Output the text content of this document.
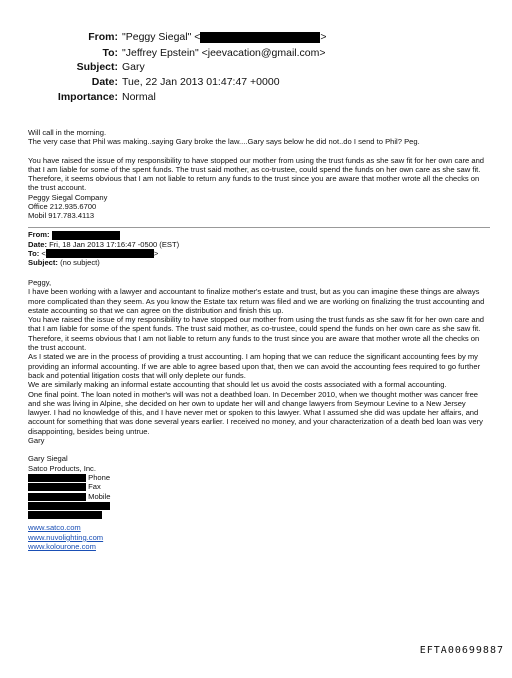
From: "Peggy Siegal" <	>
To: "Jeffrey Epstein" <jeevacation@gmail.com>
Subject: Gary
Date: Tue, 22 Jan 2013 01:47:47 +0000
Importance: Normal

Will call in the morning.

The very case that Phil was making..saying Gary broke the law....Gary says below he did not..do I send to Phil? Peg.

You have raised the issue of my responsibility to have stopped our mother from using the trust funds as she saw fit for her own care and that I am liable for some of the spent funds. The trust said mother, as co-trustee, could spend the funds on her own care as she saw fit. Therefore, it seems obvious that I am not liable to return any funds to the trust since you are aware that mother wrote all the checks on the trust account.

Peggy Siegal Company

Office 212.935.6700

Mobil 917.783.4113

From:
Date: Fri, 18 Jan 2013 17:16:47 -0500 (EST)
To: <	>
Subject: (no subject)

Peggy,

I have been working with a lawyer and accountant to finalize mother's estate and trust, but as you can imagine these things are always more complicated than they seem. As you know the Estate tax return was filed and we are working on finalizing the trust accounting and estate accounting so that we can agree on the distribution and finish this up.

You have raised the issue of my responsibility to have stopped our mother from using the trust funds as she saw fit for her own care and that I am liable for some of the spent funds. The trust said mother, as co-trustee, could spend the funds on her own care as she saw fit. Therefore, it seems obvious that I am not liable to return any funds to the trust since you are aware that mother wrote all the checks on the trust account.

As I stated we are in the process of providing a trust accounting. I am hoping that we can reduce the significant accounting fees by my providing an informal accounting. If we are able to agree based upon that, then we can avoid the accounting fees required to go further back and potential litigation costs that will only deplete our funds.

We are similarly making an informal estate accounting that should let us avoid the costs associated with a formal accounting.

One final point. The loan noted in mother's will was not a deathbed loan. In December 2010, when we thought mother was cancer free and she was living in Alpine, she decided on her own to update her will and change lawyers from Seymour Levine to a New Jersey lawyer. I had no knowledge of this, and I have never met or spoken to this lawyer. What I assumed she did was update her affairs, and account for something that was done several years earlier. I received no money, and your characterization of a death bed loan was very disappointing, besides being untrue.

Gary

Gary Siegal

Satco Products, Inc.

Phone

Fax

Mobile

www.satco.com
www.nuvolighting.com
www.kolourone.com
EFTA00699887
